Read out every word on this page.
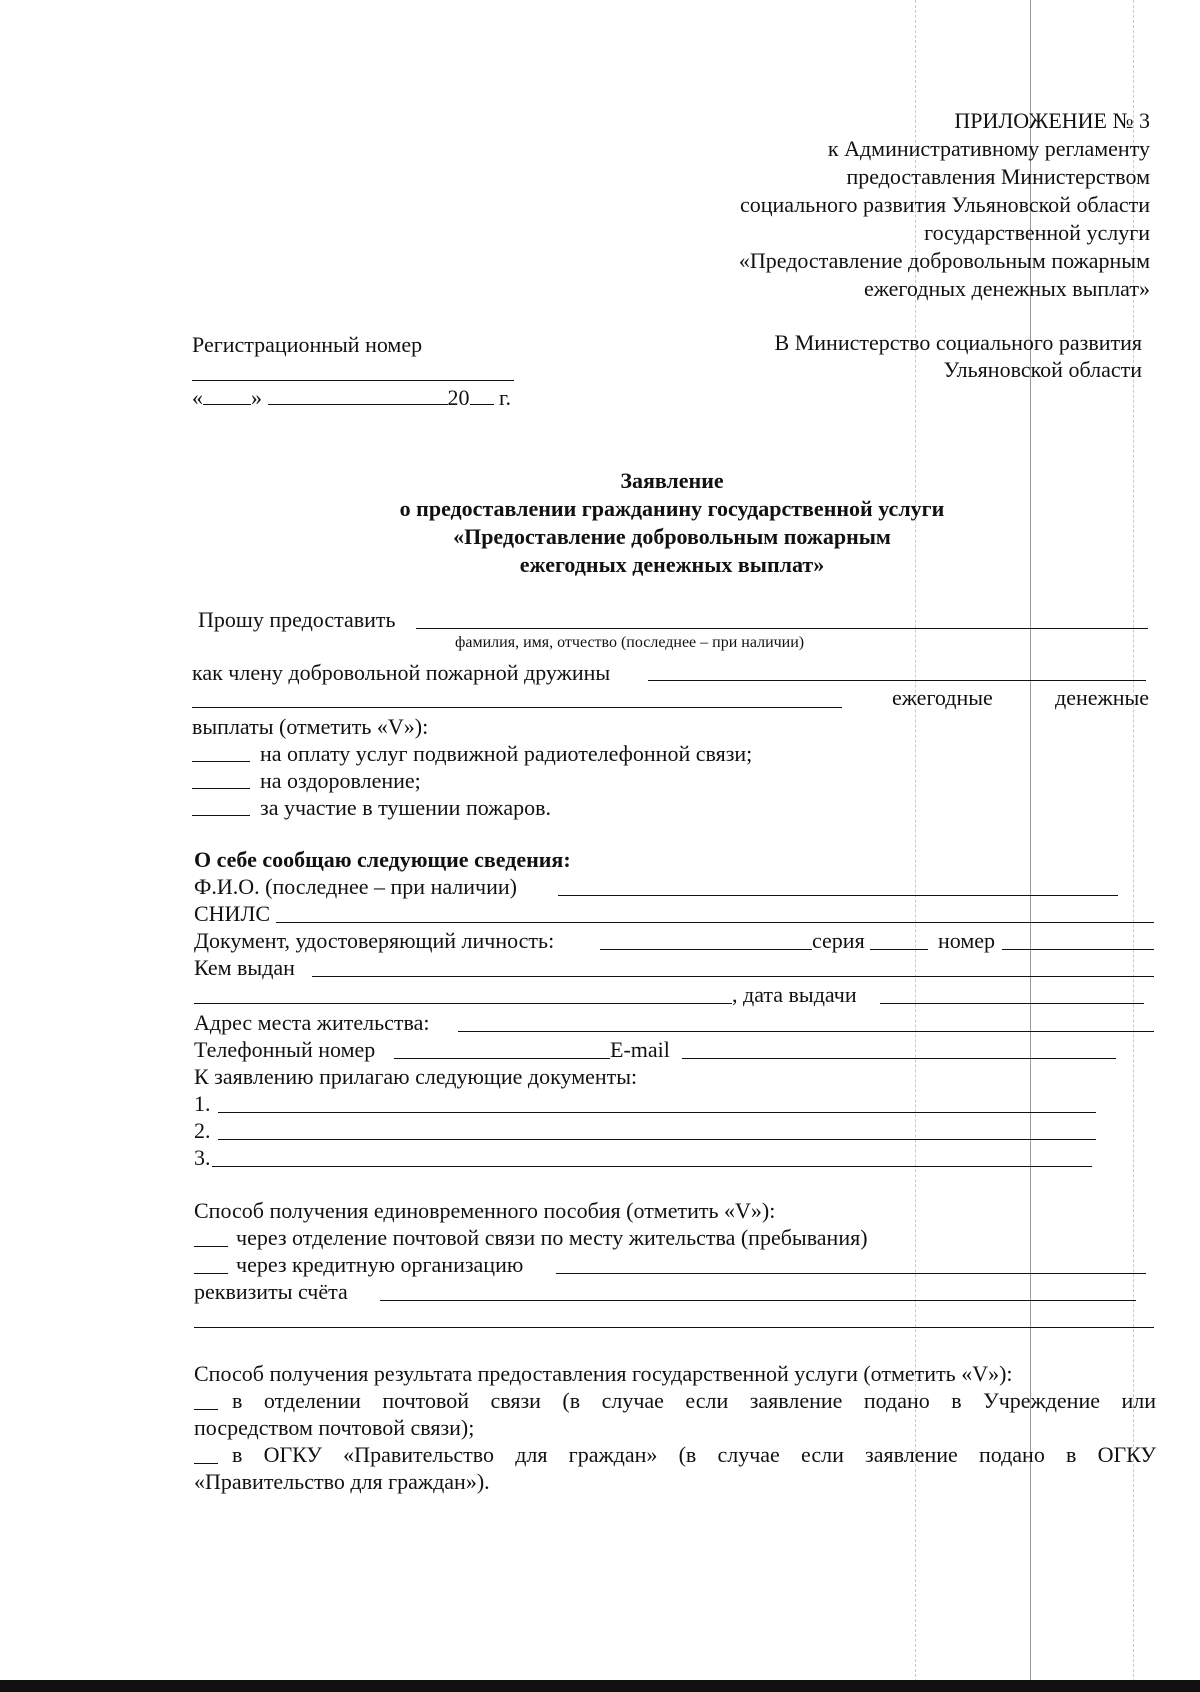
ПРИЛОЖЕНИЕ № 3
к Административному регламенту
предоставления Министерством
социального развития Ульяновской области
государственной услуги
«Предоставление добровольным пожарным
ежегодных денежных выплат»
Регистрационный номер
« »	20 г.
В Министерство социального развития
Ульяновской области
Заявление
о предоставлении гражданину государственной услуги
«Предоставление добровольным пожарным
ежегодных денежных выплат»
Прошу предоставить
фамилия, имя, отчество (последнее – при наличии)
как члену добровольной пожарной дружины
ежегодные	денежные
выплаты (отметить «V»):
на оплату услуг подвижной радиотелефонной связи;
на оздоровление;
за участие в тушении пожаров.
О себе сообщаю следующие сведения:
Ф.И.О. (последнее – при наличии)
СНИЛС
Документ, удостоверяющий личность:	серия	номер
Кем выдан
, дата выдачи
Адрес места жительства:
Телефонный номер	E-mail
К заявлению прилагаю следующие документы:
1.
2.
3.
Способ получения единовременного пособия (отметить «V»):
через отделение почтовой связи по месту жительства (пребывания)
через кредитную организацию
реквизиты счёта
Способ получения результата предоставления государственной услуги (отметить «V»):
в отделении почтовой связи (в случае если заявление подано в Учреждение или
посредством почтовой связи);
в ОГКУ «Правительство для граждан» (в случае если заявление подано в ОГКУ
«Правительство для граждан»).
